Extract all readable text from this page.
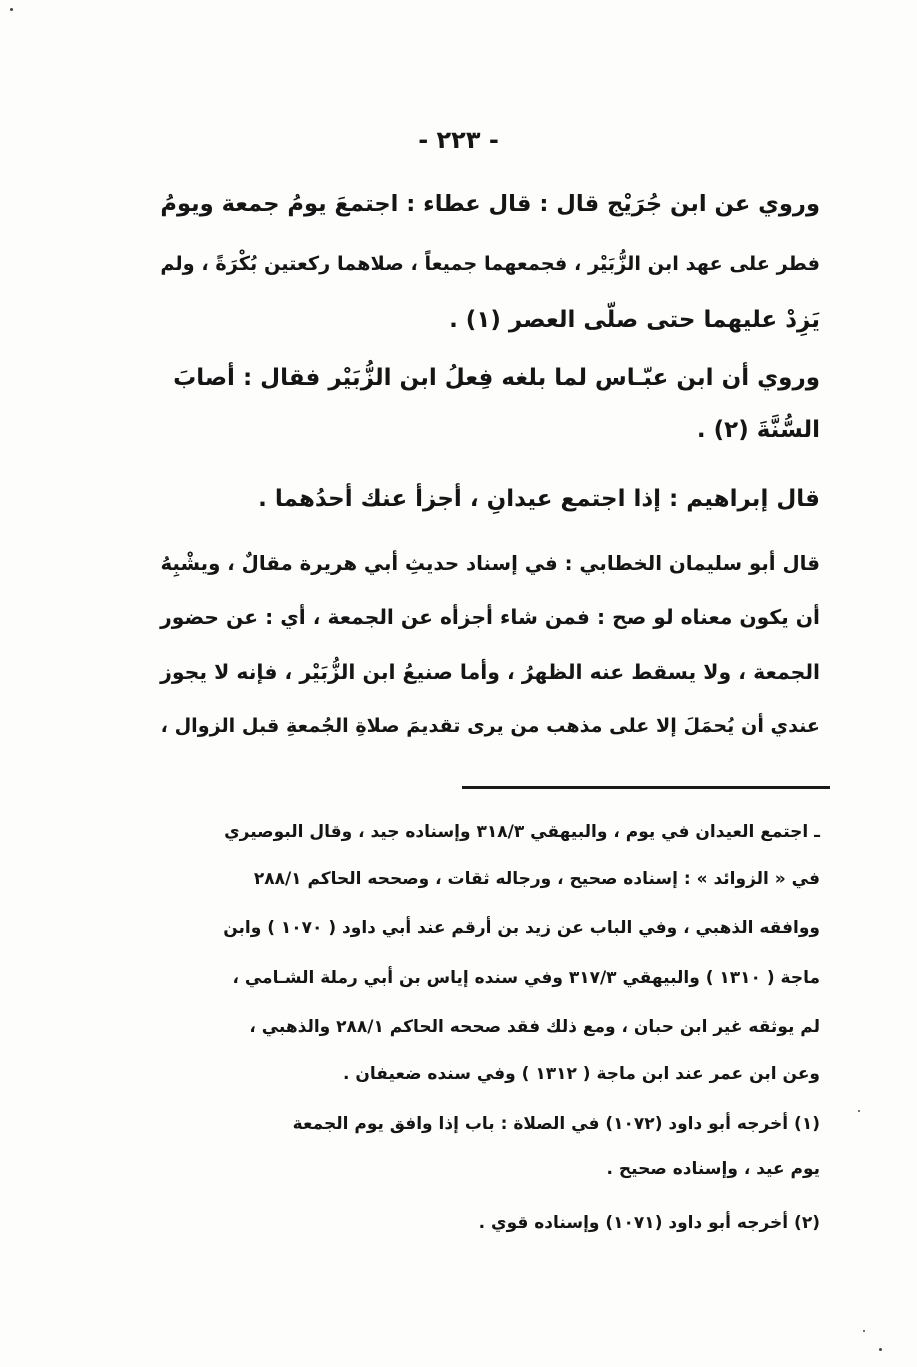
- ٢٢٣ -
وروي عن ابن جُرَيْج قال : قال عطاء : اجتمعَ يومُ جمعة ويومُ
فطر على عهد ابن الزُّبَيْر ، فجمعهما جميعاً ، صلاهما ركعتين بُكْرَةً ، ولم
يَزِدْ عليهما حتى صلّى العصر (١) .
وروي أن ابن عبّـاس لما بلغه فِعلُ ابن الزُّبَيْر فقال : أصابَ
السُّنَّةَ (٢) .
قال إبراهيم : إذا اجتمع عيدانِ ، أجزأ عنك أحدُهما .
قال أبو سليمان الخطابي : في إسناد حديثِ أبي هريرة مقالٌ ، ويشْبِهُ
أن يكون معناه لو صح : فمن شاء أجزأه عن الجمعة ، أي : عن حضور
الجمعة ، ولا يسقط عنه الظهرُ ، وأما صنيعُ ابن الزُّبَيْر ، فإنه لا يجوز
عندي أن يُحمَلَ إلا على مذهب من يرى تقديمَ صلاةِ الجُمعةِ قبل الزوال ،
ـ اجتمع العيدان في يوم ، والبيهقي ٣١٨/٣ وإسناده جيد ، وقال البوصيري
في « الزوائد » : إسناده صحيح ، ورجاله ثقات ، وصححه الحاكم ٢٨٨/١
ووافقه الذهبي ، وفي الباب عن زيد بن أرقم عند أبي داود ( ١٠٧٠ ) وابن
ماجة ( ١٣١٠ ) والبيهقي ٣١٧/٣ وفي سنده إياس بن أبي رملة الشـامي ،
لم يوثقه غير ابن حبان ، ومع ذلك فقد صححه الحاكم ٢٨٨/١ والذهبي ،
وعن ابن عمر عند ابن ماجة ( ١٣١٢ ) وفي سنده ضعيفان .
(١) أخرجه أبو داود (١٠٧٢) في الصلاة : باب إذا وافق يوم الجمعة
يوم عيد ، وإسناده صحيح .
(٢) أخرجه أبو داود (١٠٧١) وإسناده قوي .
